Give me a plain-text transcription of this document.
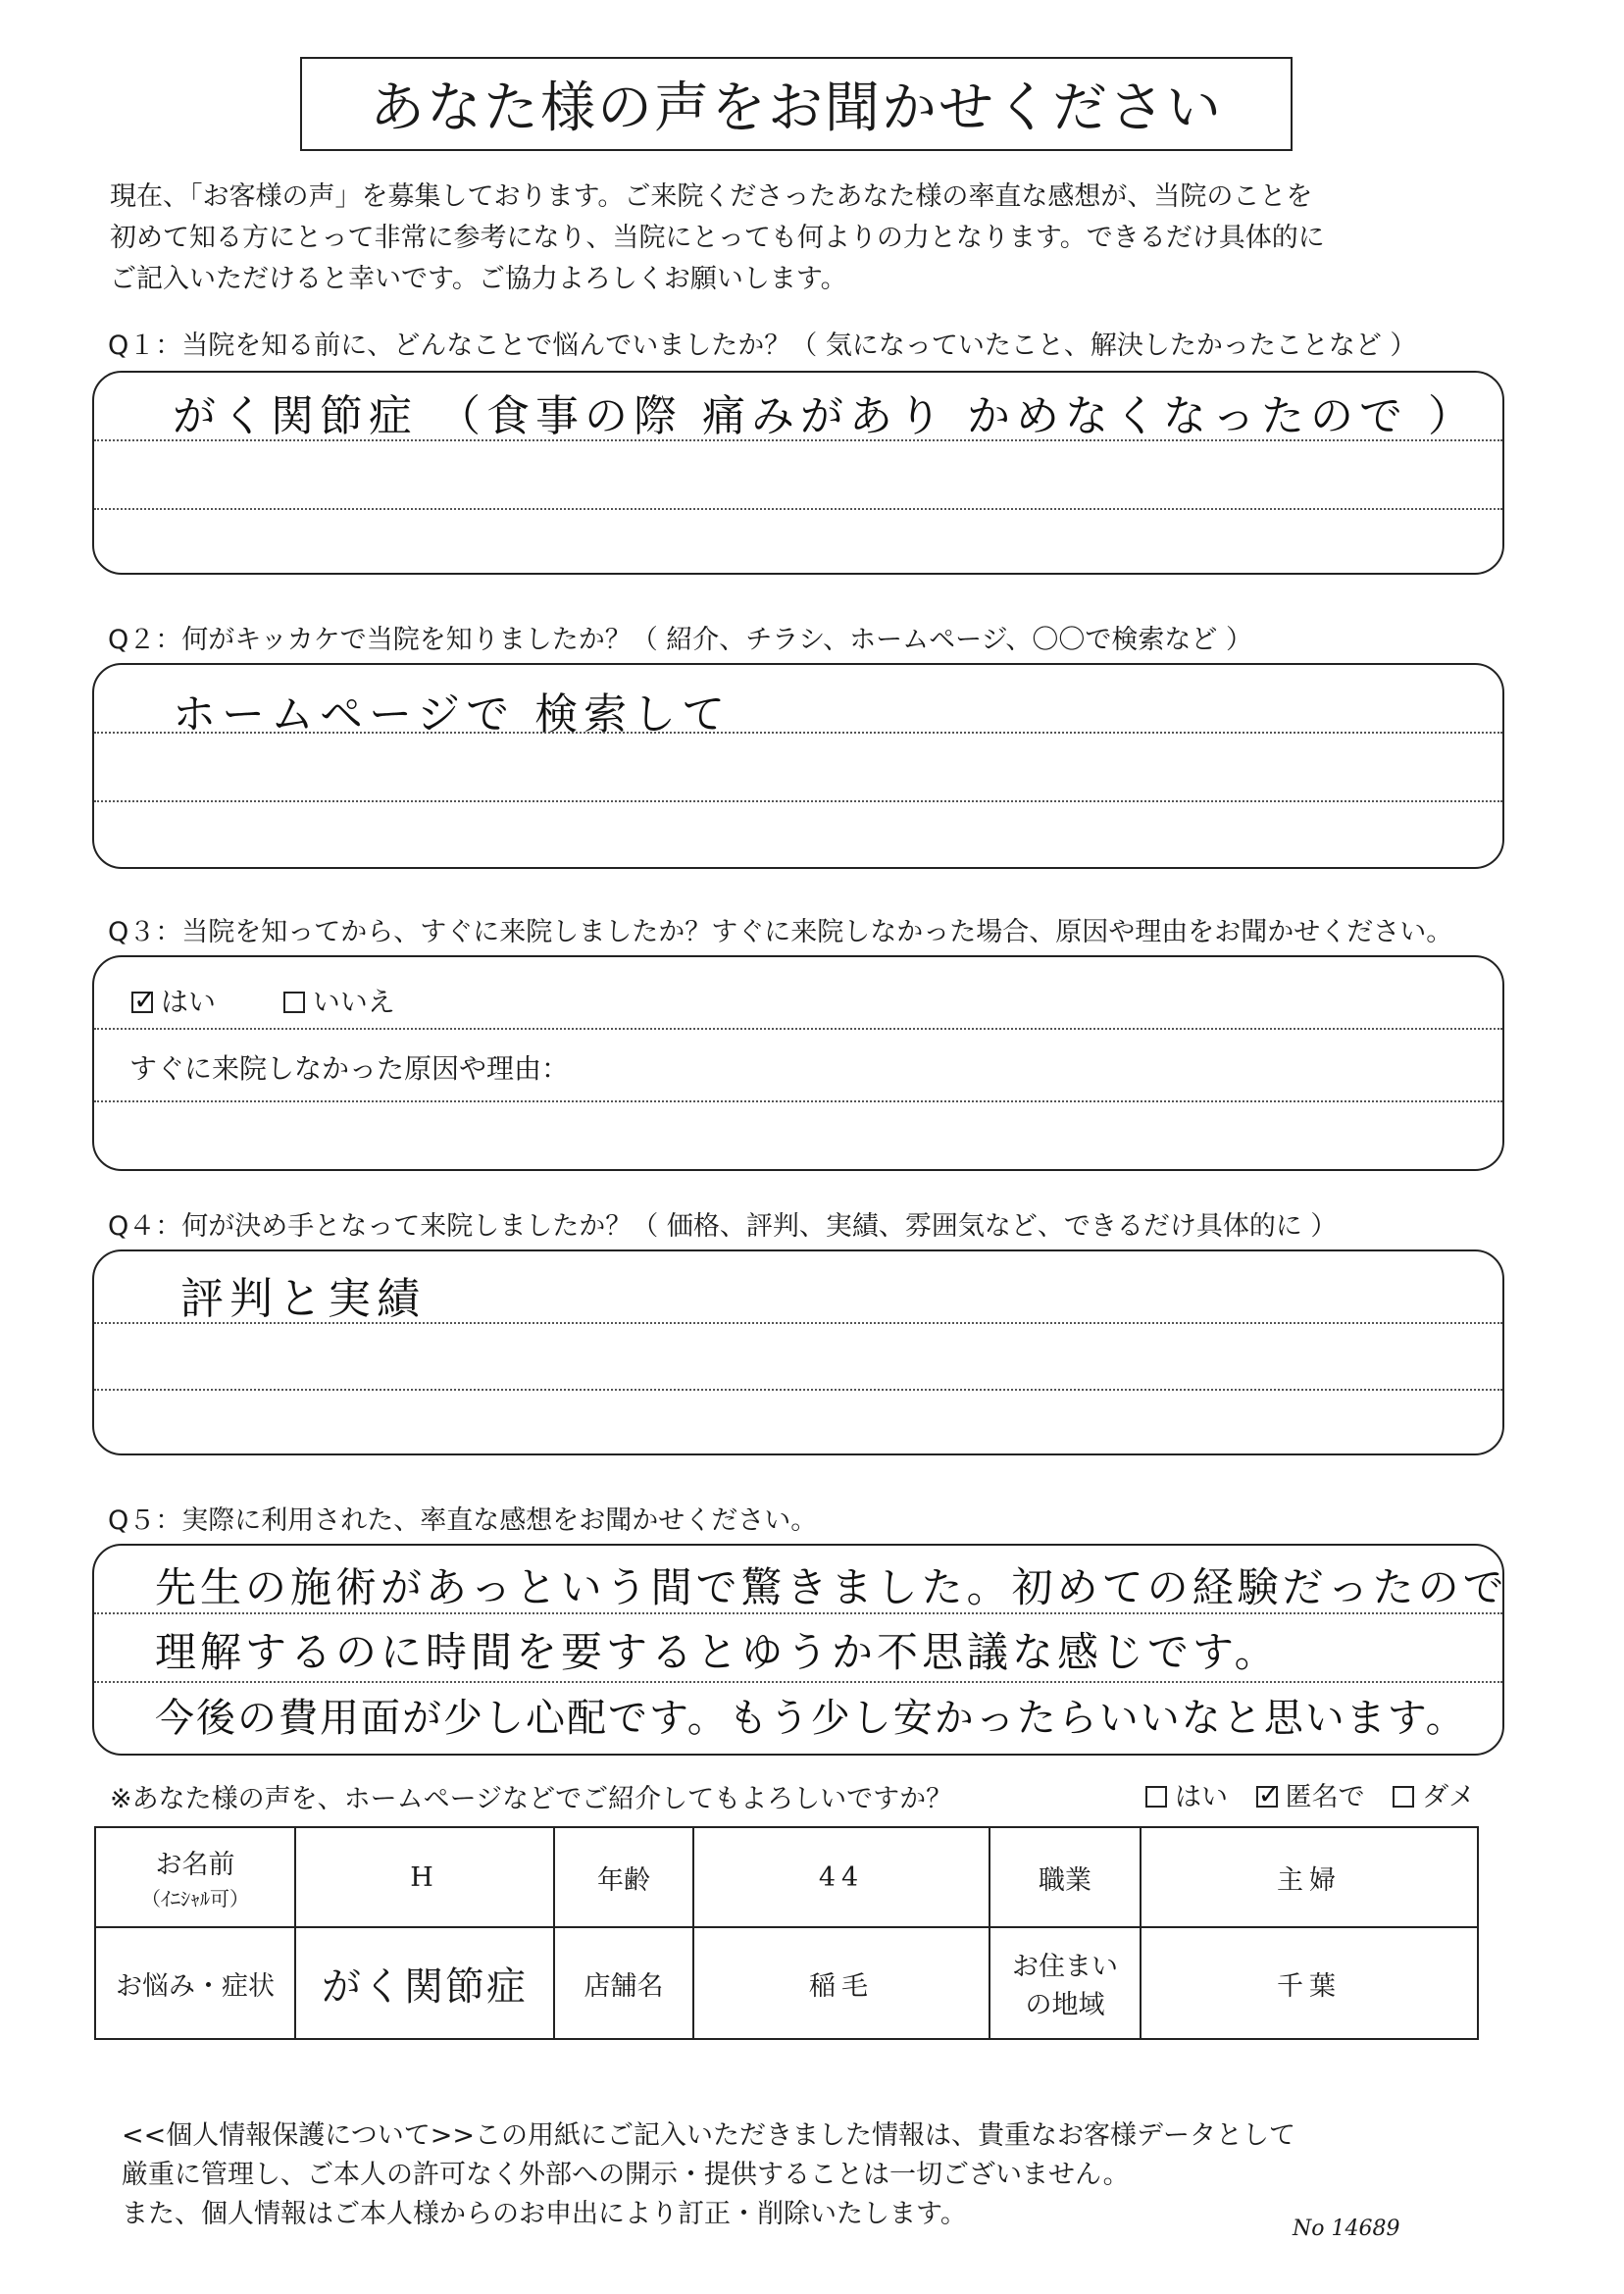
あなた様の声をお聞かせください
現在、「お客様の声」を募集しております。ご来院くださったあなた様の率直な感想が、当院のことを
初めて知る方にとって非常に参考になり、当院にとっても何よりの力となります。できるだけ具体的に
ご記入いただけると幸いです。ご協力よろしくお願いします。
Q１：当院を知る前に、どんなことで悩んでいましたか？（ 気になっていたこと、解決したかったことなど ）
がく関節症 （食事の際 痛みがあり かめなくなったので ）
Q２：何がキッカケで当院を知りましたか？（ 紹介、チラシ、ホームページ、〇〇で検索など ）
ホームページで 検索して
Q３：当院を知ってから、すぐに来院しましたか？すぐに来院しなかった場合、原因や理由をお聞かせください。
✓はい	いいえ
すぐに来院しなかった原因や理由：
Q４：何が決め手となって来院しましたか？（ 価格、評判、実績、雰囲気など、できるだけ具体的に ）
評判と実績
Q５：実際に利用された、率直な感想をお聞かせください。
先生の施術があっという間で驚きました。初めての経験だったので
理解するのに時間を要するとゆうか不思議な感じです。
今後の費用面が少し心配です。もう少し安かったらいいなと思います。
※あなた様の声を、ホームページなどでご紹介してもよろしいですか？	はい ✓ 匿名で ダメ
お名前
（ｲﾆｼｬﾙ可）	H	年齢	44	職業	主婦
お悩み・症状	がく関節症	店舗名	稲毛	お住まい
の地域	千葉
<<個人情報保護について>>この用紙にご記入いただきました情報は、貴重なお客様データとして
厳重に管理し、ご本人の許可なく外部への開示・提供することは一切ございません。
また、個人情報はご本人様からのお申出により訂正・削除いたします。	No 14689
